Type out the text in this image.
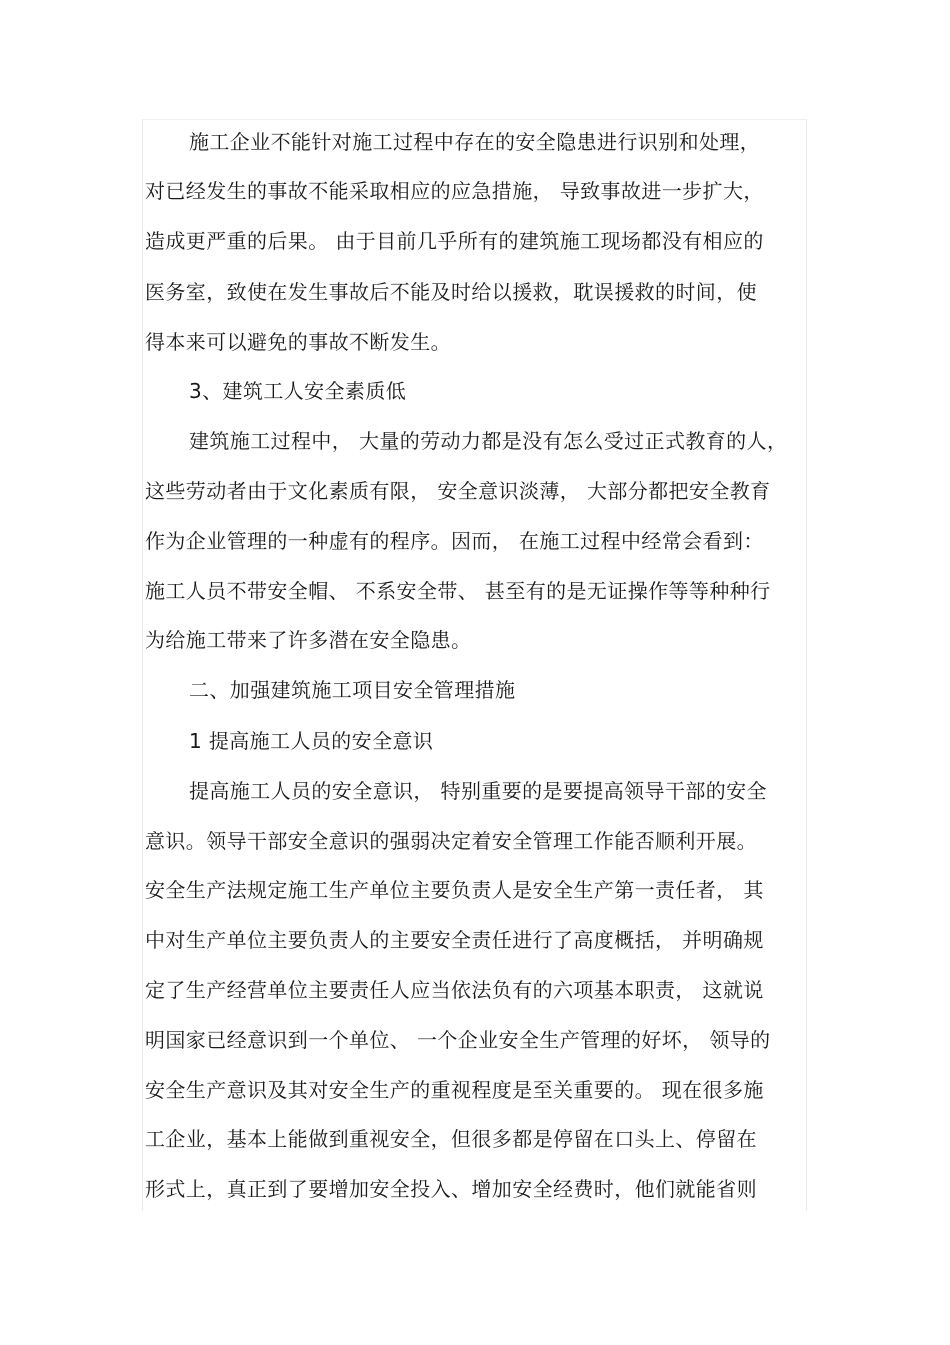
施工企业不能针对施工过程中存在的安全隐患进行识别和处理，
对已经发生的事故不能采取相应的应急措施， 导致事故进一步扩大，
造成更严重的后果。 由于目前几乎所有的建筑施工现场都没有相应的
医务室，致使在发生事故后不能及时给以援救，耽误援救的时间，使
得本来可以避免的事故不断发生。
3、建筑工人安全素质低
建筑施工过程中， 大量的劳动力都是没有怎么受过正式教育的人，
这些劳动者由于文化素质有限， 安全意识淡薄， 大部分都把安全教育
作为企业管理的一种虚有的程序。因而， 在施工过程中经常会看到：
施工人员不带安全帽、 不系安全带、 甚至有的是无证操作等等种种行
为给施工带来了许多潜在安全隐患。
二、加强建筑施工项目安全管理措施
1 提高施工人员的安全意识
提高施工人员的安全意识， 特别重要的是要提高领导干部的安全
意识。领导干部安全意识的强弱决定着安全管理工作能否顺利开展。
安全生产法规定施工生产单位主要负责人是安全生产第一责任者， 其
中对生产单位主要负责人的主要安全责任进行了高度概括， 并明确规
定了生产经营单位主要责任人应当依法负有的六项基本职责， 这就说
明国家已经意识到一个单位、 一个企业安全生产管理的好坏， 领导的
安全生产意识及其对安全生产的重视程度是至关重要的。 现在很多施
工企业，基本上能做到重视安全，但很多都是停留在口头上、停留在
形式上，真正到了要增加安全投入、增加安全经费时，他们就能省则
